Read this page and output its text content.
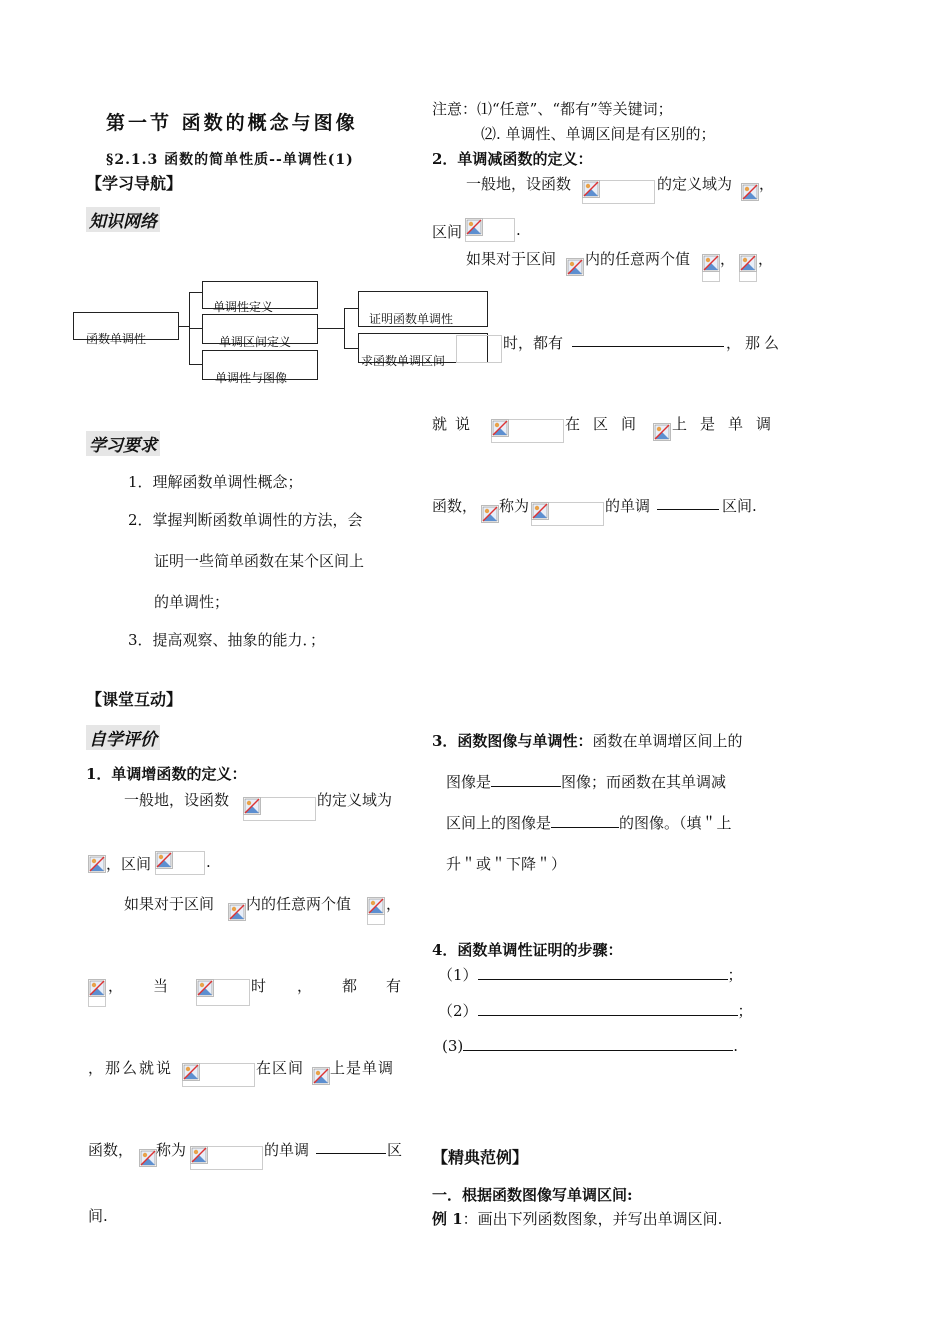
第一节 函数的概念与图像
§2.1.3 函数的简单性质--单调性(1)
【学习导航】
知识网络
函数单调性
单调性定义
单调区间定义
单调性与图像
证明函数单调性
求函数单调区间
学习要求
1．理解函数单调性概念；
2．掌握判断函数单调性的方法，会
证明一些简单函数在某个区间上
的单调性；
3．提高观察、抽象的能力．；
【课堂互动】
自学评价
1．单调增函数的定义：
一般地，设函数	的定义域为
，区间	.
如果对于区间 内的任意两个值 ，
， 当	时 ， 都 有
，那么就说	在区间 上是单调
函数， 称为	的单调	区
间.
注意：⑴“任意”、“都有”等关键词；
⑵. 单调性、单调区间是有区别的；
2．单调减函数的定义：
一般地，设函数	的定义域为 ，
区间	.
如果对于区间 内的任意两个值 ， ，
时，都有	，那么
就说	在区间 上是单调
函数， 称为	的单调	区间.
3．函数图像与单调性：函数在单调增区间上的
图像是	图像；而函数在其单调减
区间上的图像是	的图像。（填＂上
升＂或＂下降＂）
4．函数单调性证明的步骤：
（1）	；
（2）	；
(3)	.
【精典范例】
一．根据函数图像写单调区间:
例 1：画出下列函数图象，并写出单调区间.
